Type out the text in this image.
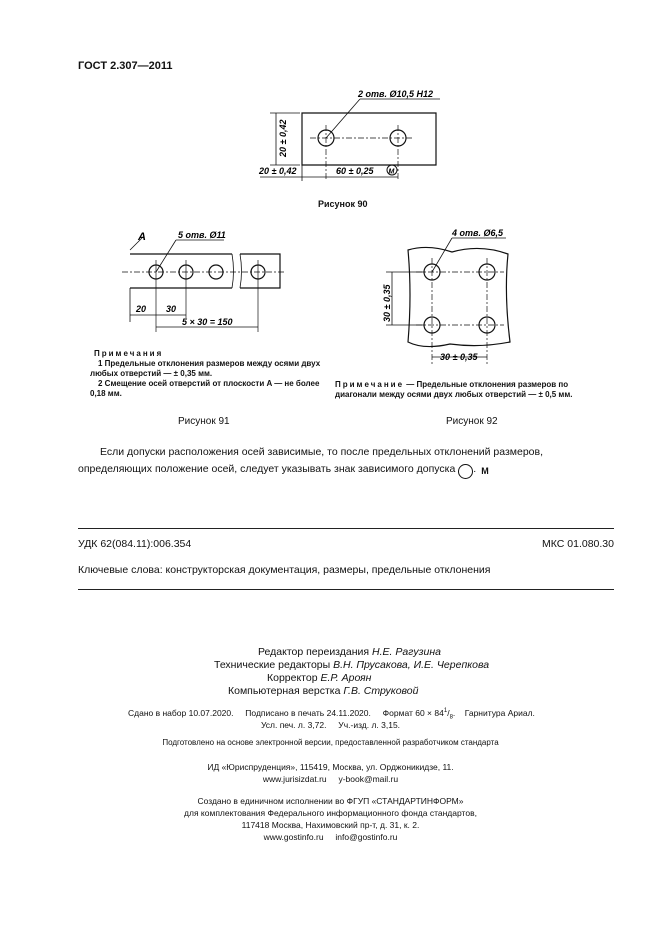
ГОСТ 2.307—2011
2 отв. Ø10,5 H12
20 ± 0,42
20 ± 0,42	60 ± 0,25 M
Рисунок 90
A	5 отв. Ø11
20 30
5 × 30 = 150
Примечания
1 Предельные отклонения размеров между осями двух любых отверстий — ± 0,35 мм.
2 Смещение осей отверстий от плоскости A — не более 0,18 мм.
Рисунок 91
4 отв. Ø6,5
30 ± 0,35
30 ± 0,35
Примечание — Предельные отклонения размеров по диагонали между осями двух любых отверстий — ± 0,5 мм.
Рисунок 92
Если допуски расположения осей зависимые, то после предельных отклонений размеров, определяющих положение осей, следует указывать знак зависимого допуска	M.
УДК 62(084.11):006.354	МКС 01.080.30
Ключевые слова: конструкторская документация, размеры, предельные отклонения
Редактор переиздания Н.Е. Рагузина
Технические редакторы В.Н. Прусакова, И.Е. Черепкова
Корректор Е.Р. Ароян
Компьютерная верстка Г.В. Струковой
Сдано в набор 10.07.2020.     Подписано в печать 24.11.2020.     Формат $60 \times 84^1/_8$.    Гарнитура Ариал.
Усл. печ. л. 3,72.     Уч.-изд. л. 3,15.
Подготовлено на основе электронной версии, предоставленной разработчиком стандарта
ИД «Юриспруденция», 115419, Москва, ул. Орджоникидзе, 11.
www.jurisizdat.ru     y-book@mail.ru
Создано в единичном исполнении во ФГУП «СТАНДАРТИНФОРМ»
для комплектования Федерального информационного фонда стандартов,
117418 Москва, Нахимовский пр-т, д. 31, к. 2.
www.gostinfo.ru     info@gostinfo.ru
